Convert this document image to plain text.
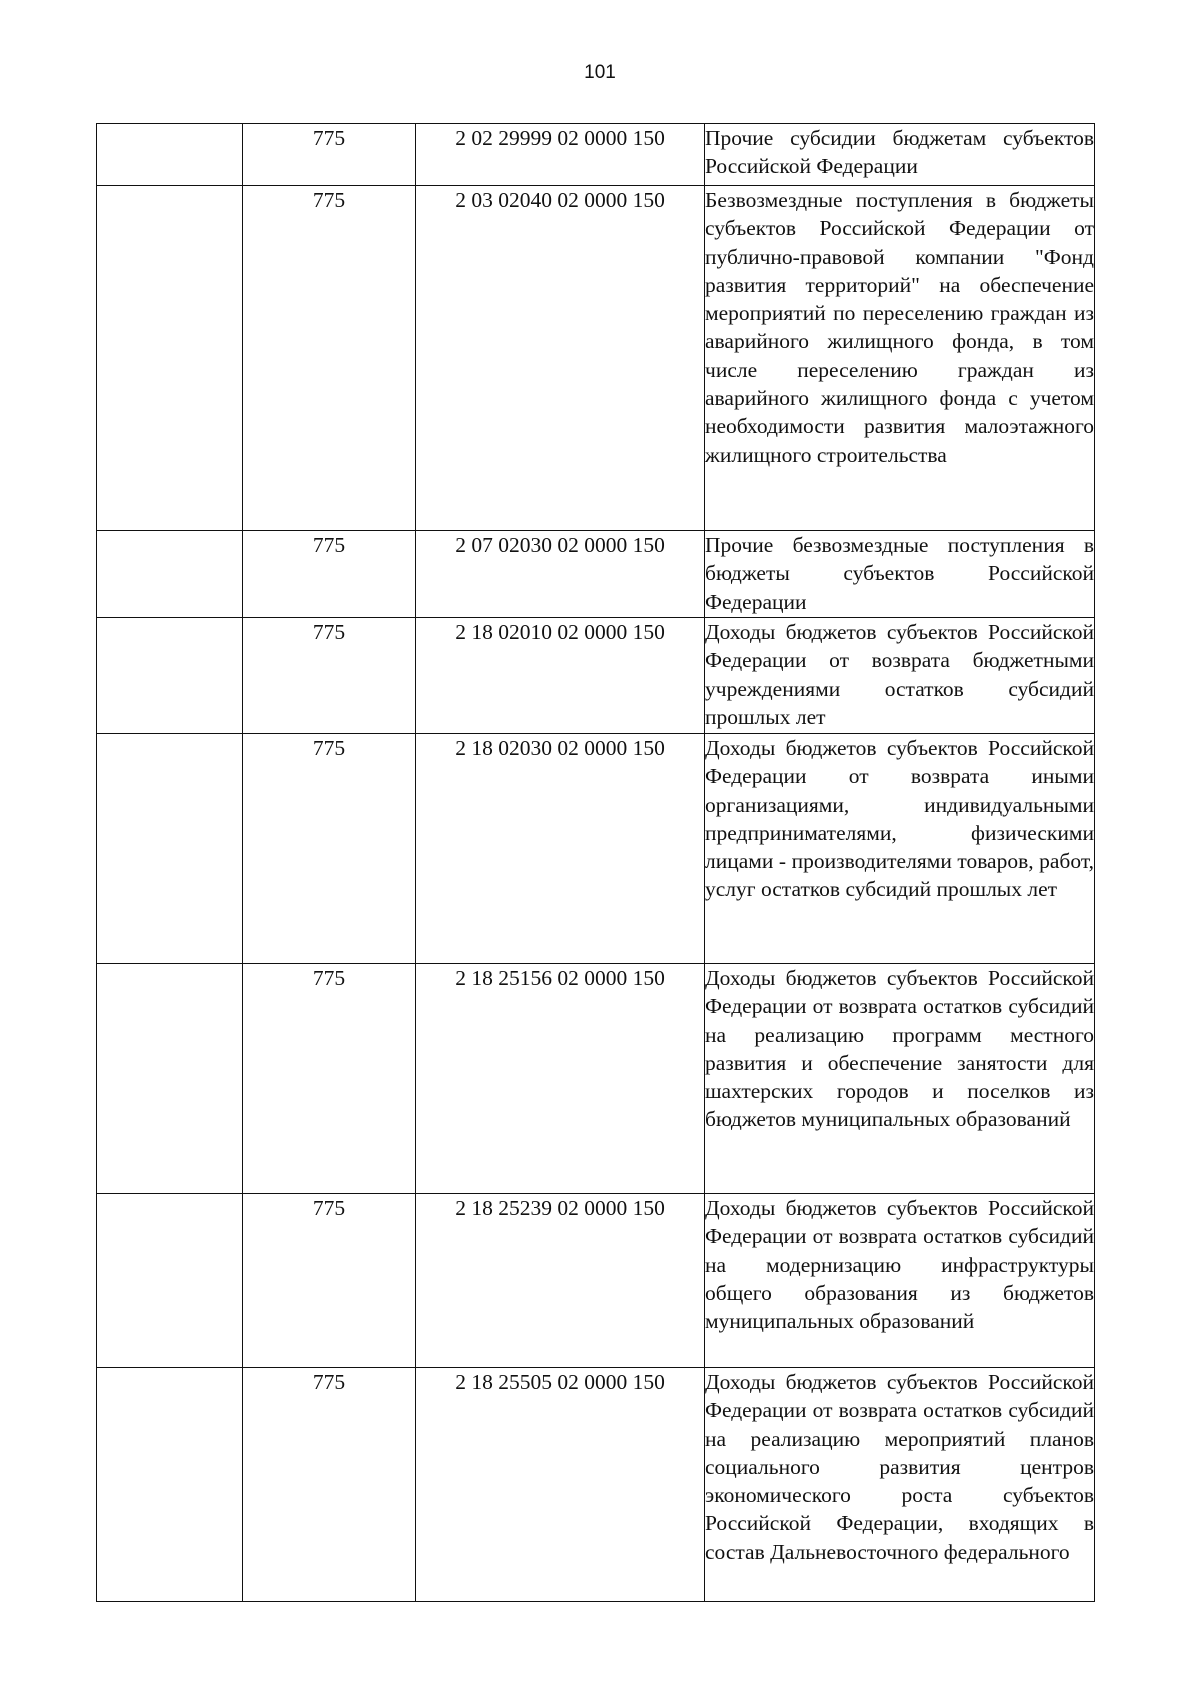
101
	775	2 02 29999 02 0000 150	Прочие субсидии бюджетам субъектов Российской Федерации

	775	2 03 02040 02 0000 150	Безвозмездные поступления в бюджеты субъектов Российской Федерации от публично-правовой компании "Фонд развития территорий" на обеспечение мероприятий по переселению граждан из аварийного жилищного фонда, в том числе переселению граждан из аварийного жилищного фонда с учетом необходимости развития малоэтажного жилищного строительства

	775	2 07 02030 02 0000 150	Прочие безвозмездные поступления в бюджеты субъектов Российской Федерации

	775	2 18 02010 02 0000 150	Доходы бюджетов субъектов Российской Федерации от возврата бюджетными учреждениями остатков субсидий прошлых лет

	775	2 18 02030 02 0000 150	Доходы бюджетов субъектов Российской Федерации от возврата иными организациями, индивидуальными предпринимателями, физическими лицами - производителями товаров, работ, услуг остатков субсидий прошлых лет

	775	2 18 25156 02 0000 150	Доходы бюджетов субъектов Российской Федерации от возврата остатков субсидий на реализацию программ местного развития и обеспечение занятости для шахтерских городов и поселков из бюджетов муниципальных образований

	775	2 18 25239 02 0000 150	Доходы бюджетов субъектов Российской Федерации от возврата остатков субсидий на модернизацию инфраструктуры общего образования из бюджетов муниципальных образований

	775	2 18 25505 02 0000 150	Доходы бюджетов субъектов Российской Федерации от возврата остатков субсидий на реализацию мероприятий планов социального развития центров экономического роста субъектов Российской Федерации, входящих в состав Дальневосточного федерального
